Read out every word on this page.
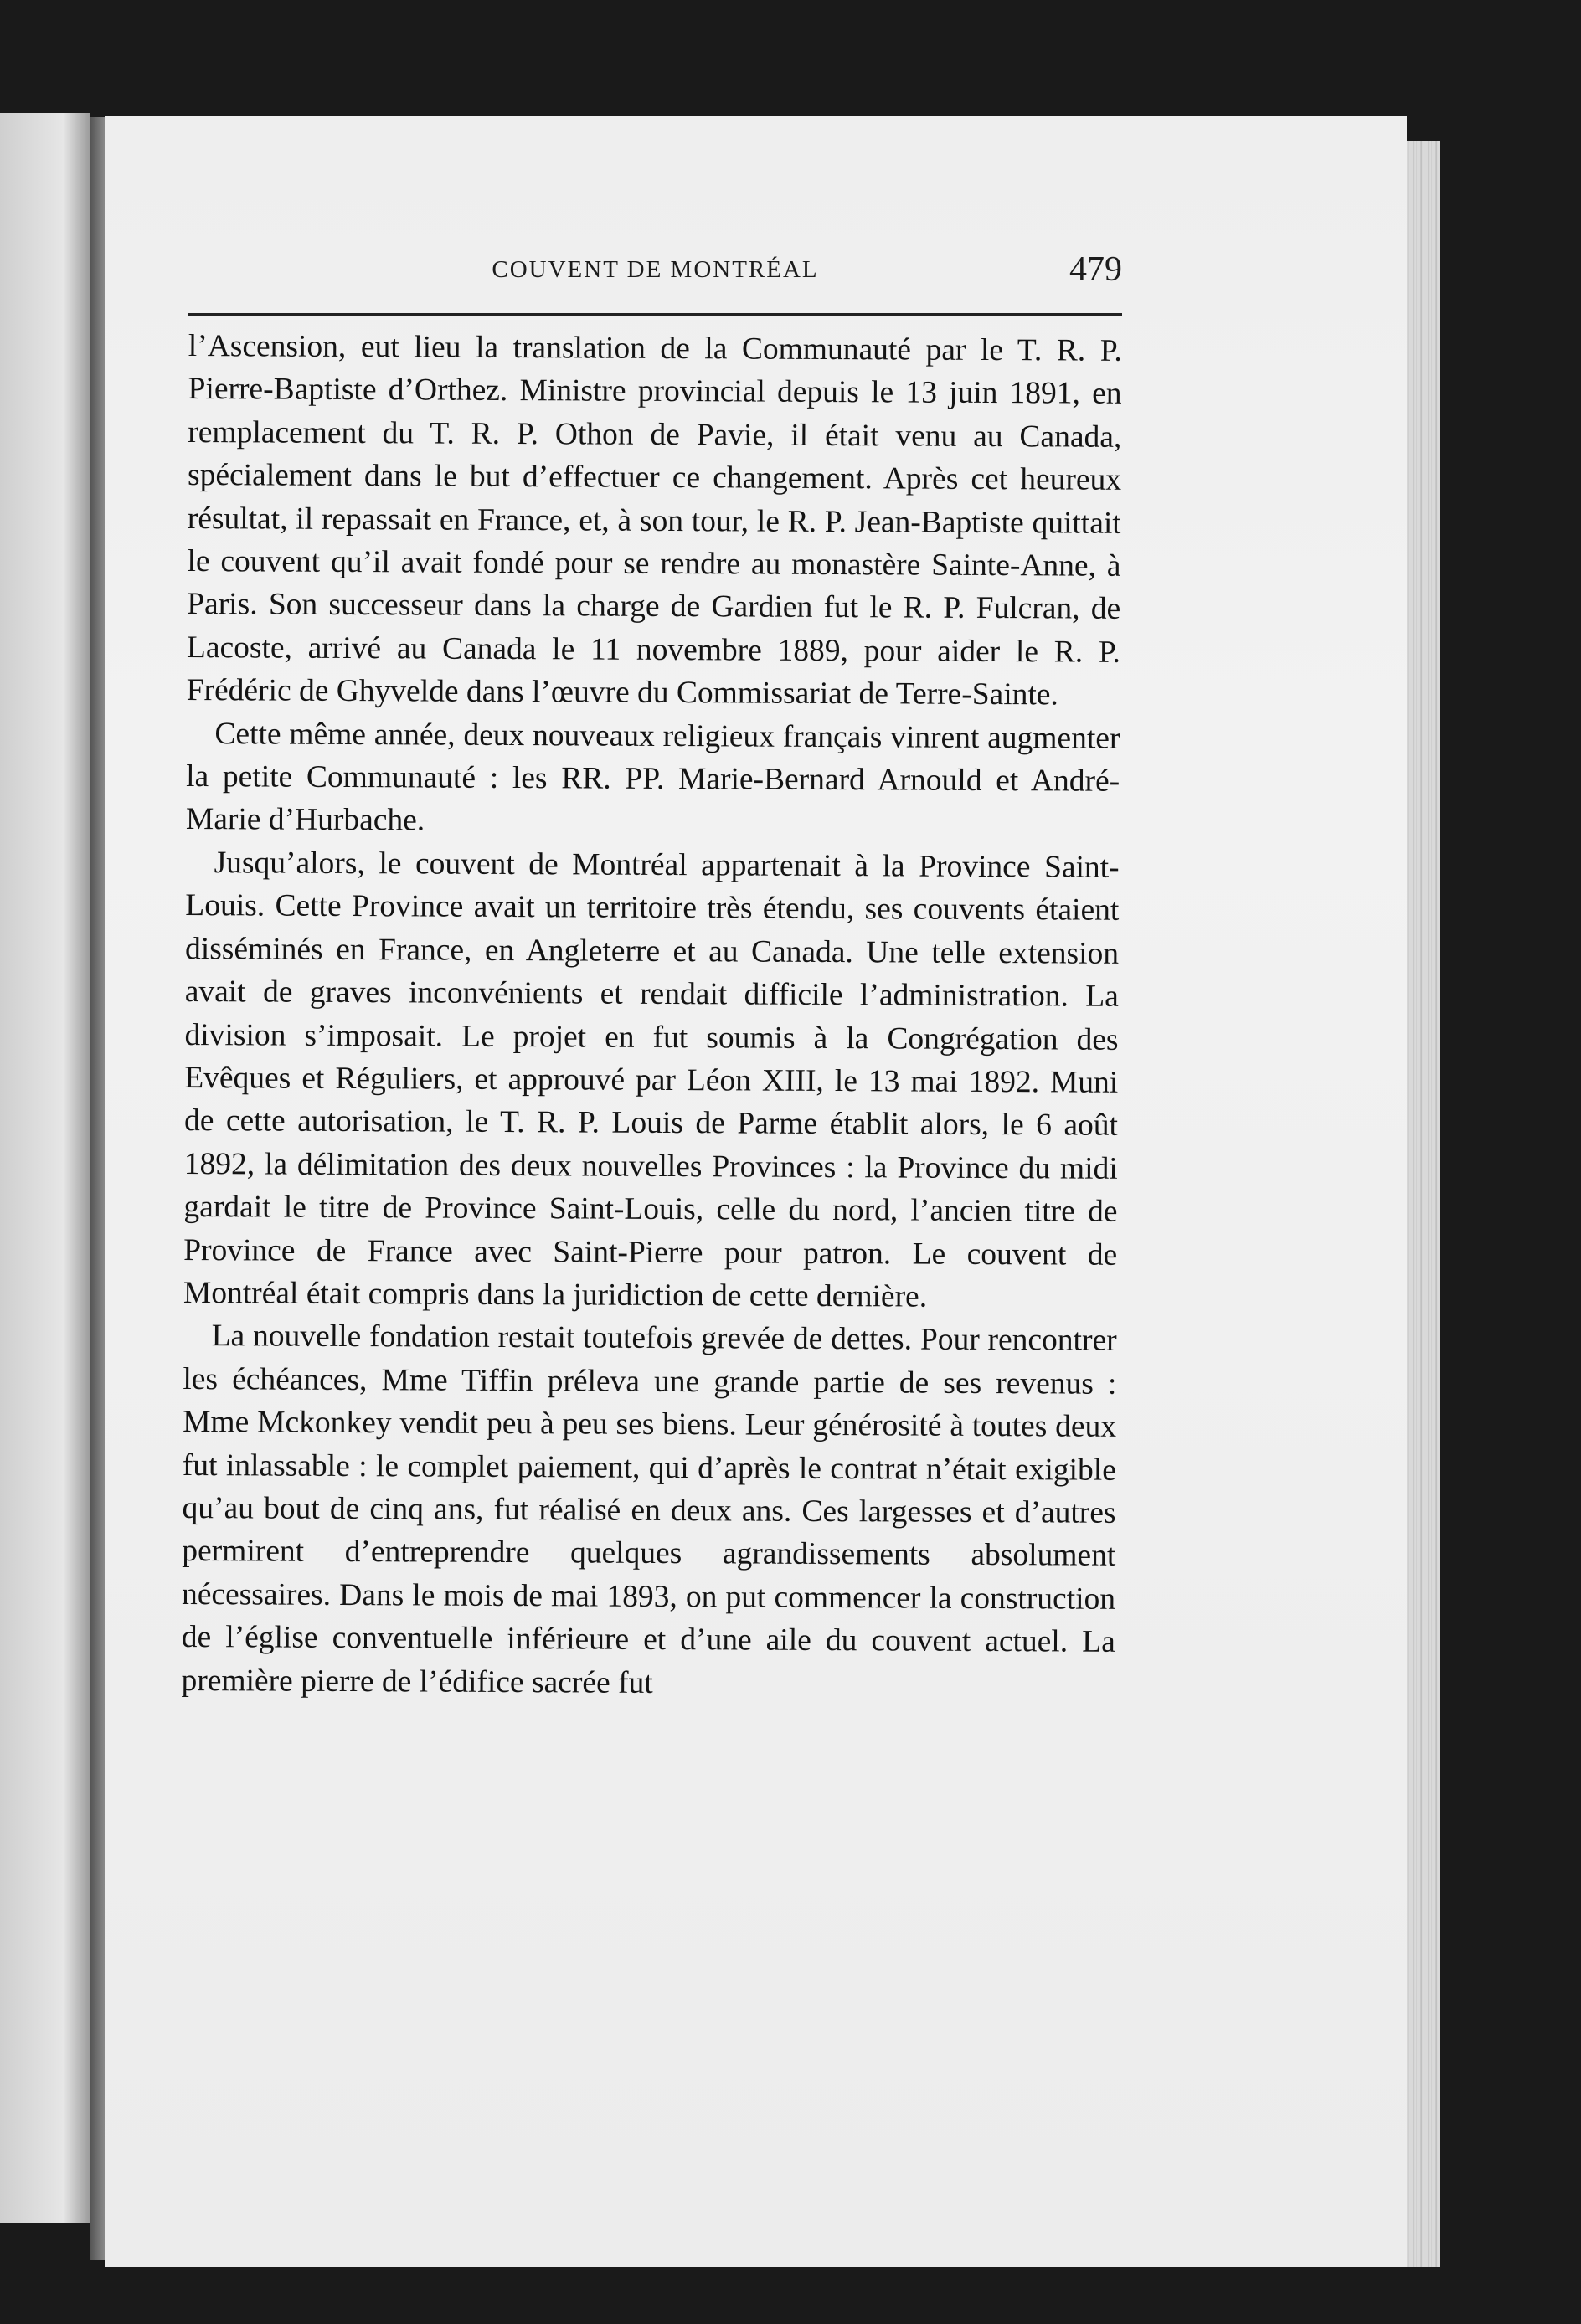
COUVENT DE MONTRÉAL	479

l’Ascension, eut lieu la translation de la Communauté par le T. R. P. Pierre-Baptiste d’Orthez. Ministre provincial depuis le 13 juin 1891, en remplacement du T. R. P. Othon de Pavie, il était venu au Canada, spécialement dans le but d’effectuer ce changement. Après cet heureux résultat, il repassait en France, et, à son tour, le R. P. Jean-Baptiste quittait le couvent qu’il avait fondé pour se rendre au monastère Sainte-Anne, à Paris. Son successeur dans la charge de Gardien fut le R. P. Fulcran, de Lacoste, arrivé au Canada le 11 novembre 1889, pour aider le R. P. Frédéric de Ghyvelde dans l’œuvre du Commissariat de Terre-Sainte.

Cette même année, deux nouveaux religieux français vinrent augmenter la petite Communauté : les RR. PP. Marie-Bernard Arnould et André-Marie d’Hurbache.

Jusqu’alors, le couvent de Montréal appartenait à la Province Saint-Louis. Cette Province avait un territoire très étendu, ses couvents étaient disséminés en France, en Angleterre et au Canada. Une telle extension avait de graves inconvénients et rendait difficile l’administration. La division s’imposait. Le projet en fut soumis à la Congrégation des Evêques et Réguliers, et approuvé par Léon XIII, le 13 mai 1892. Muni de cette autorisation, le T. R. P. Louis de Parme établit alors, le 6 août 1892, la délimitation des deux nouvelles Provinces : la Province du midi gardait le titre de Province Saint-Louis, celle du nord, l’ancien titre de Province de France avec Saint-Pierre pour patron. Le couvent de Montréal était compris dans la juridiction de cette dernière.

La nouvelle fondation restait toutefois grevée de dettes. Pour rencontrer les échéances, Mme Tiffin préleva une grande partie de ses revenus : Mme Mckonkey vendit peu à peu ses biens. Leur générosité à toutes deux fut inlassable : le complet paiement, qui d’après le contrat n’était exigible qu’au bout de cinq ans, fut réalisé en deux ans. Ces largesses et d’autres permirent d’entreprendre quelques agrandissements absolument nécessaires. Dans le mois de mai 1893, on put commencer la construction de l’église conventuelle inférieure et d’une aile du couvent actuel. La première pierre de l’édifice sacrée fut
